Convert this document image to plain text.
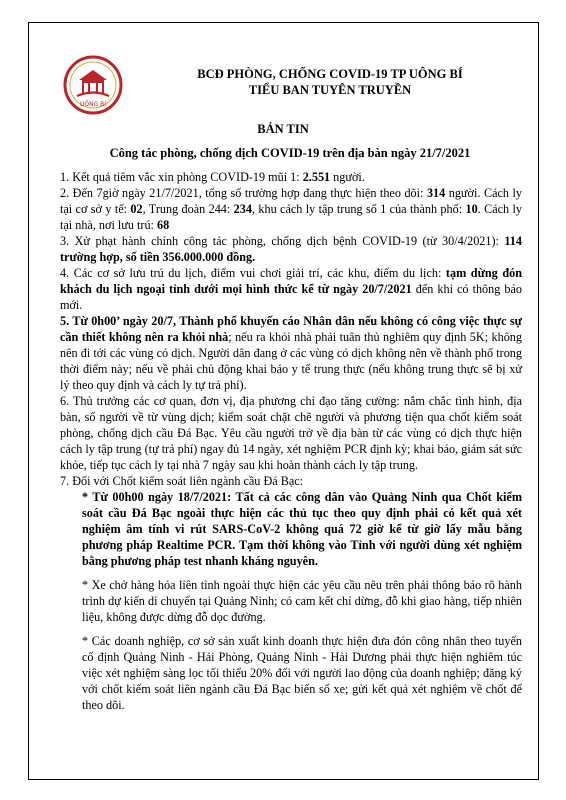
UÔNG BÍ
BCĐ PHÒNG, CHỐNG COVID-19 TP UÔNG BÍ
TIỂU BAN TUYÊN TRUYỀN
BẢN TIN
Công tác phòng, chống dịch COVID-19 trên địa bàn ngày 21/7/2021

1. Kết quả tiêm vắc xin phòng COVID-19 mũi 1: 2.551 người.

2. Đến 7giờ ngày 21/7/2021, tổng số trường hợp đang thực hiện theo dõi: 314 người. Cách ly tại cơ sở y tế: 02, Trung đoàn 244: 234, khu cách ly tập trung số 1 của thành phố: 10. Cách ly tại nhà, nơi lưu trú: 68

3. Xử phạt hành chính công tác phòng, chống dịch bệnh COVID-19 (từ 30/4/2021): 114 trường hợp, số tiền 356.000.000 đồng.

4. Các cơ sở lưu trú du lịch, điểm vui chơi giải trí, các khu, điểm du lịch: tạm dừng đón khách du lịch ngoại tỉnh dưới mọi hình thức kể từ ngày 20/7/2021 đến khi có thông báo mới.

5. Từ 0h00’ ngày 20/7, Thành phố khuyến cáo Nhân dân nếu không có công việc thực sự cần thiết không nên ra khỏi nhà; nếu ra khỏi nhà phải tuân thủ nghiêm quy định 5K; không nên đi tới các vùng có dịch. Người dân đang ở các vùng có dịch không nên về thành phố trong thời điểm này; nếu về phải chủ động khai báo y tế trung thực (nếu không trung thực sẽ bị xử lý theo quy định và cách ly tự trả phí).

6. Thủ trưởng các cơ quan, đơn vị, địa phương chỉ đạo tăng cường: nắm chắc tình hình, địa bàn, số người về từ vùng dịch; kiểm soát chặt chẽ người và phương tiện qua chốt kiểm soát phòng, chống dịch cầu Đá Bạc. Yêu cầu người trở về địa bàn từ các vùng có dịch thực hiện cách ly tập trung (tự trả phí) ngay đủ 14 ngày, xét nghiệm PCR định kỳ; khai báo, giám sát sức khỏe, tiếp tục cách ly tại nhà 7 ngày sau khi hoàn thành cách ly tập trung.

7. Đối với Chốt kiểm soát liên ngành cầu Đá Bạc:

* Từ 00h00 ngày 18/7/2021: Tất cả các công dân vào Quảng Ninh qua Chốt kiểm soát cầu Đá Bạc ngoài thực hiện các thủ tục theo quy định phải có kết quả xét nghiệm âm tính vi rút SARS-CoV-2 không quá 72 giờ kể từ giờ lấy mẫu bằng phương pháp Realtime PCR. Tạm thời không vào Tỉnh với người dùng xét nghiệm bằng phương pháp test nhanh kháng nguyên.

* Xe chở hàng hóa liên tỉnh ngoài thực hiện các yêu cầu nêu trên phải thông báo rõ hành trình dự kiến di chuyển tại Quảng Ninh; có cam kết chỉ dừng, đỗ khi giao hàng, tiếp nhiên liệu, không được dừng đỗ dọc đường.

* Các doanh nghiệp, cơ sở sản xuất kinh doanh thực hiện đưa đón công nhân theo tuyến cố định Quảng Ninh - Hải Phòng, Quảng Ninh - Hải Dương phải thực hiện nghiêm túc việc xét nghiệm sàng lọc tối thiểu 20% đối với người lao động của doanh nghiệp; đăng ký với chốt kiểm soát liên ngành cầu Đá Bạc biển số xe; gửi kết quả xét nghiệm về chốt để theo dõi.
